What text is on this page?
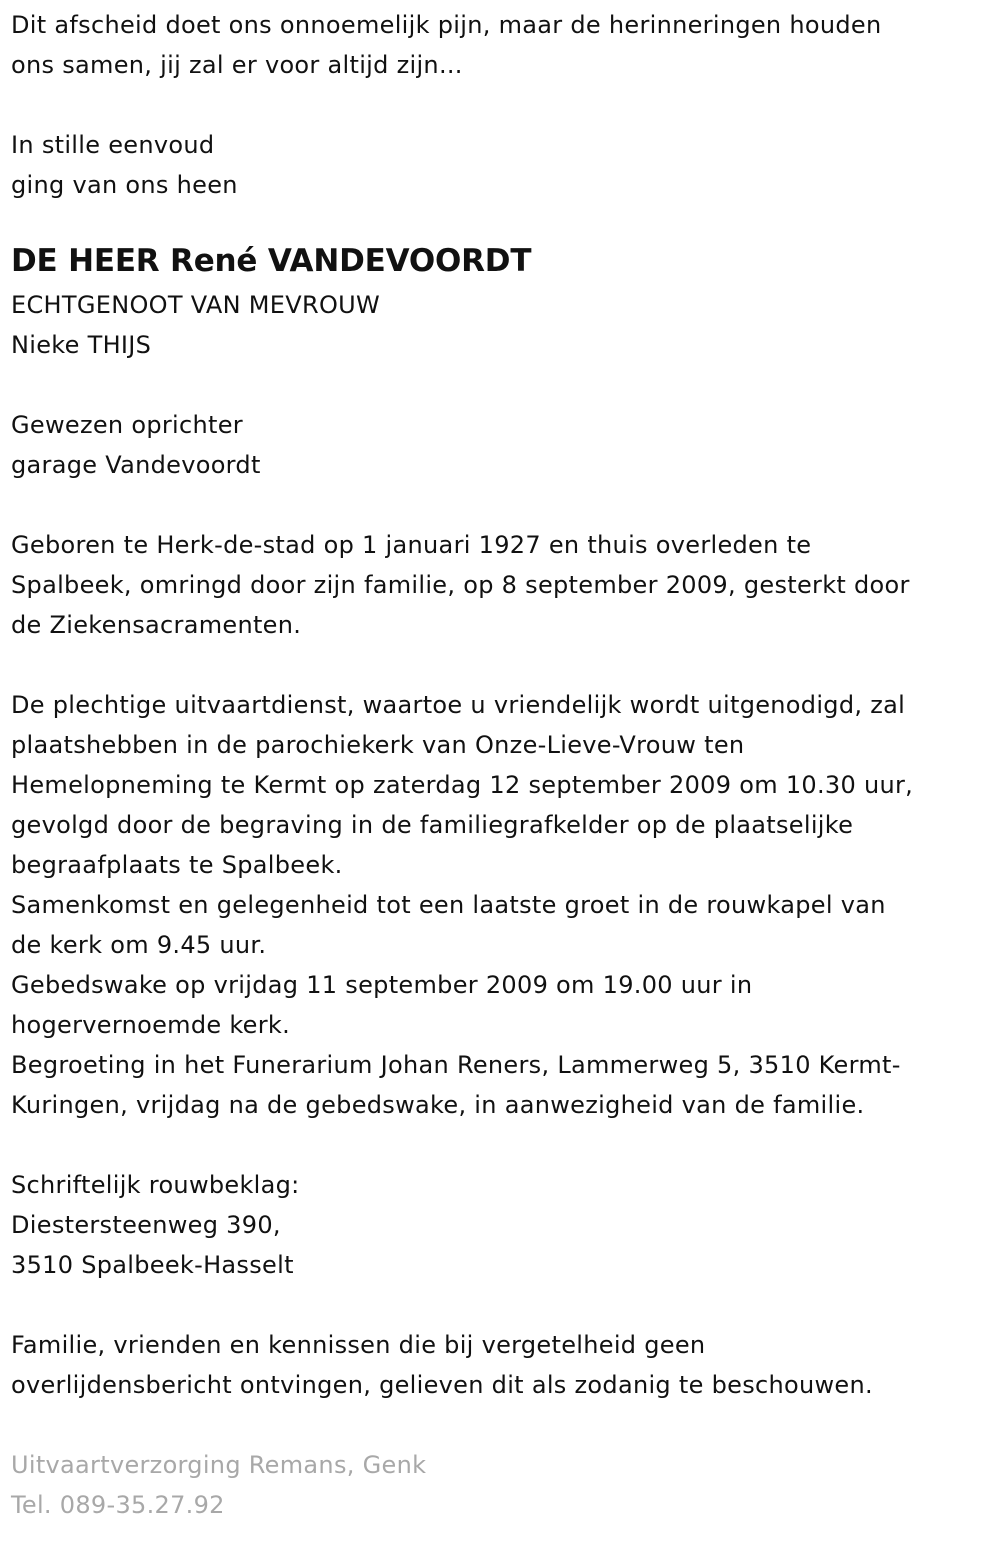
Dit afscheid doet ons onnoemelijk pijn, maar de herinneringen houden
ons samen, jij zal er voor altijd zijn...
In stille eenvoud
ging van ons heen
DE HEER René VANDEVOORDT
ECHTGENOOT VAN MEVROUW
Nieke THIJS
Gewezen oprichter
garage Vandevoordt
Geboren te Herk-de-stad op 1 januari 1927 en thuis overleden te
Spalbeek, omringd door zijn familie, op 8 september 2009, gesterkt door
de Ziekensacramenten.
De plechtige uitvaartdienst, waartoe u vriendelijk wordt uitgenodigd, zal
plaatshebben in de parochiekerk van Onze-Lieve-Vrouw ten
Hemelopneming te Kermt op zaterdag 12 september 2009 om 10.30 uur,
gevolgd door de begraving in de familiegrafkelder op de plaatselijke
begraafplaats te Spalbeek.
Samenkomst en gelegenheid tot een laatste groet in de rouwkapel van
de kerk om 9.45 uur.
Gebedswake op vrijdag 11 september 2009 om 19.00 uur in
hogervernoemde kerk.
Begroeting in het Funerarium Johan Reners, Lammerweg 5, 3510 Kermt-
Kuringen, vrijdag na de gebedswake, in aanwezigheid van de familie.
Schriftelijk rouwbeklag:
Diestersteenweg 390,
3510 Spalbeek-Hasselt
Familie, vrienden en kennissen die bij vergetelheid geen
overlijdensbericht ontvingen, gelieven dit als zodanig te beschouwen.
Uitvaartverzorging Remans, Genk
Tel. 089-35.27.92
